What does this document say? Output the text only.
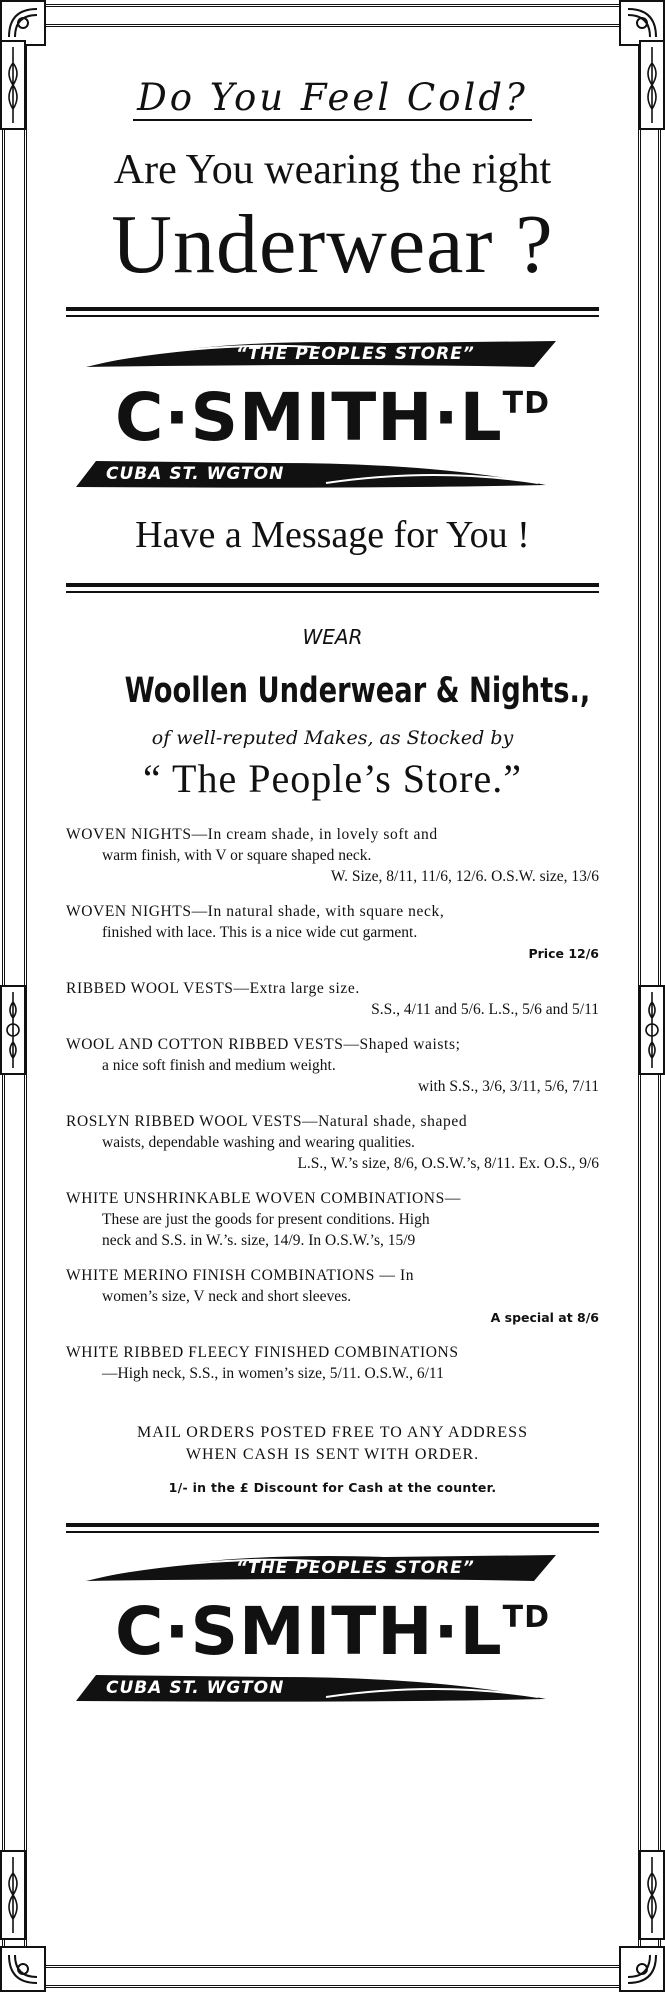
Do You Feel Cold?
Are You wearing the right
Underwear ?
“THE PEOPLES STORE”
$C\cdot SMITH\cdot L^{TD}$
CUBA ST. WGTON
Have a Message for You !
WEAR
Woollen Underwear & Nights.,
of well-reputed Makes, as Stocked by
“ The People’s Store.”
WOVEN NIGHTS—In cream shade, in lovely soft and
warm finish, with V or square shaped neck.
W. Size, 8/11, 11/6, 12/6. O.S.W. size, 13/6
WOVEN NIGHTS—In natural shade, with square neck,
finished with lace. This is a nice wide cut garment.
Price 12/6
RIBBED WOOL VESTS—Extra large size.
S.S., 4/11 and 5/6. L.S., 5/6 and 5/11
WOOL AND COTTON RIBBED VESTS—Shaped waists;
a nice soft finish and medium weight.
with S.S., 3/6, 3/11, 5/6, 7/11
ROSLYN RIBBED WOOL VESTS—Natural shade, shaped
waists, dependable washing and wearing qualities.
L.S., W.’s size, 8/6, O.S.W.’s, 8/11. Ex. O.S., 9/6
WHITE UNSHRINKABLE WOVEN COMBINATIONS—
These are just the goods for present conditions. High
neck and S.S. in W.’s. size, 14/9. In O.S.W.’s, 15/9
WHITE MERINO FINISH COMBINATIONS — In
women’s size, V neck and short sleeves.
A special at 8/6
WHITE RIBBED FLEECY FINISHED COMBINATIONS
—High neck, S.S., in women’s size, 5/11. O.S.W., 6/11
MAIL ORDERS POSTED FREE TO ANY ADDRESS
WHEN CASH IS SENT WITH ORDER.
1/- in the £ Discount for Cash at the counter.
“THE PEOPLES STORE”
$C\cdot SMITH\cdot L^{TD}$
CUBA ST. WGTON
